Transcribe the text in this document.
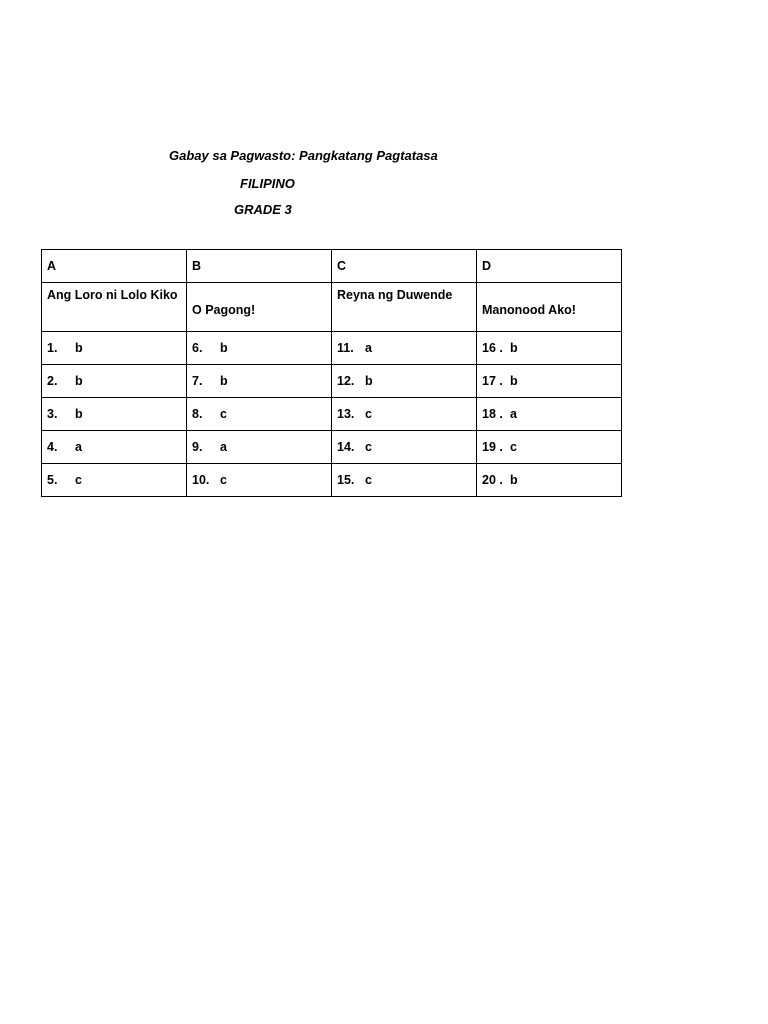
Gabay sa Pagwasto: Pangkatang Pagtatasa
FILIPINO
GRADE 3
A	B	C	D
Ang Loro ni Lolo Kiko	O Pagong!	Reyna ng Duwende	Manonood Ako!
1. b	6. b	11. a	16 . b
2. b	7. b	12. b	17 . b
3. b	8. c	13. c	18 . a
4. a	9. a	14. c	19 . c
5. c	10. c	15. c	20 . b
